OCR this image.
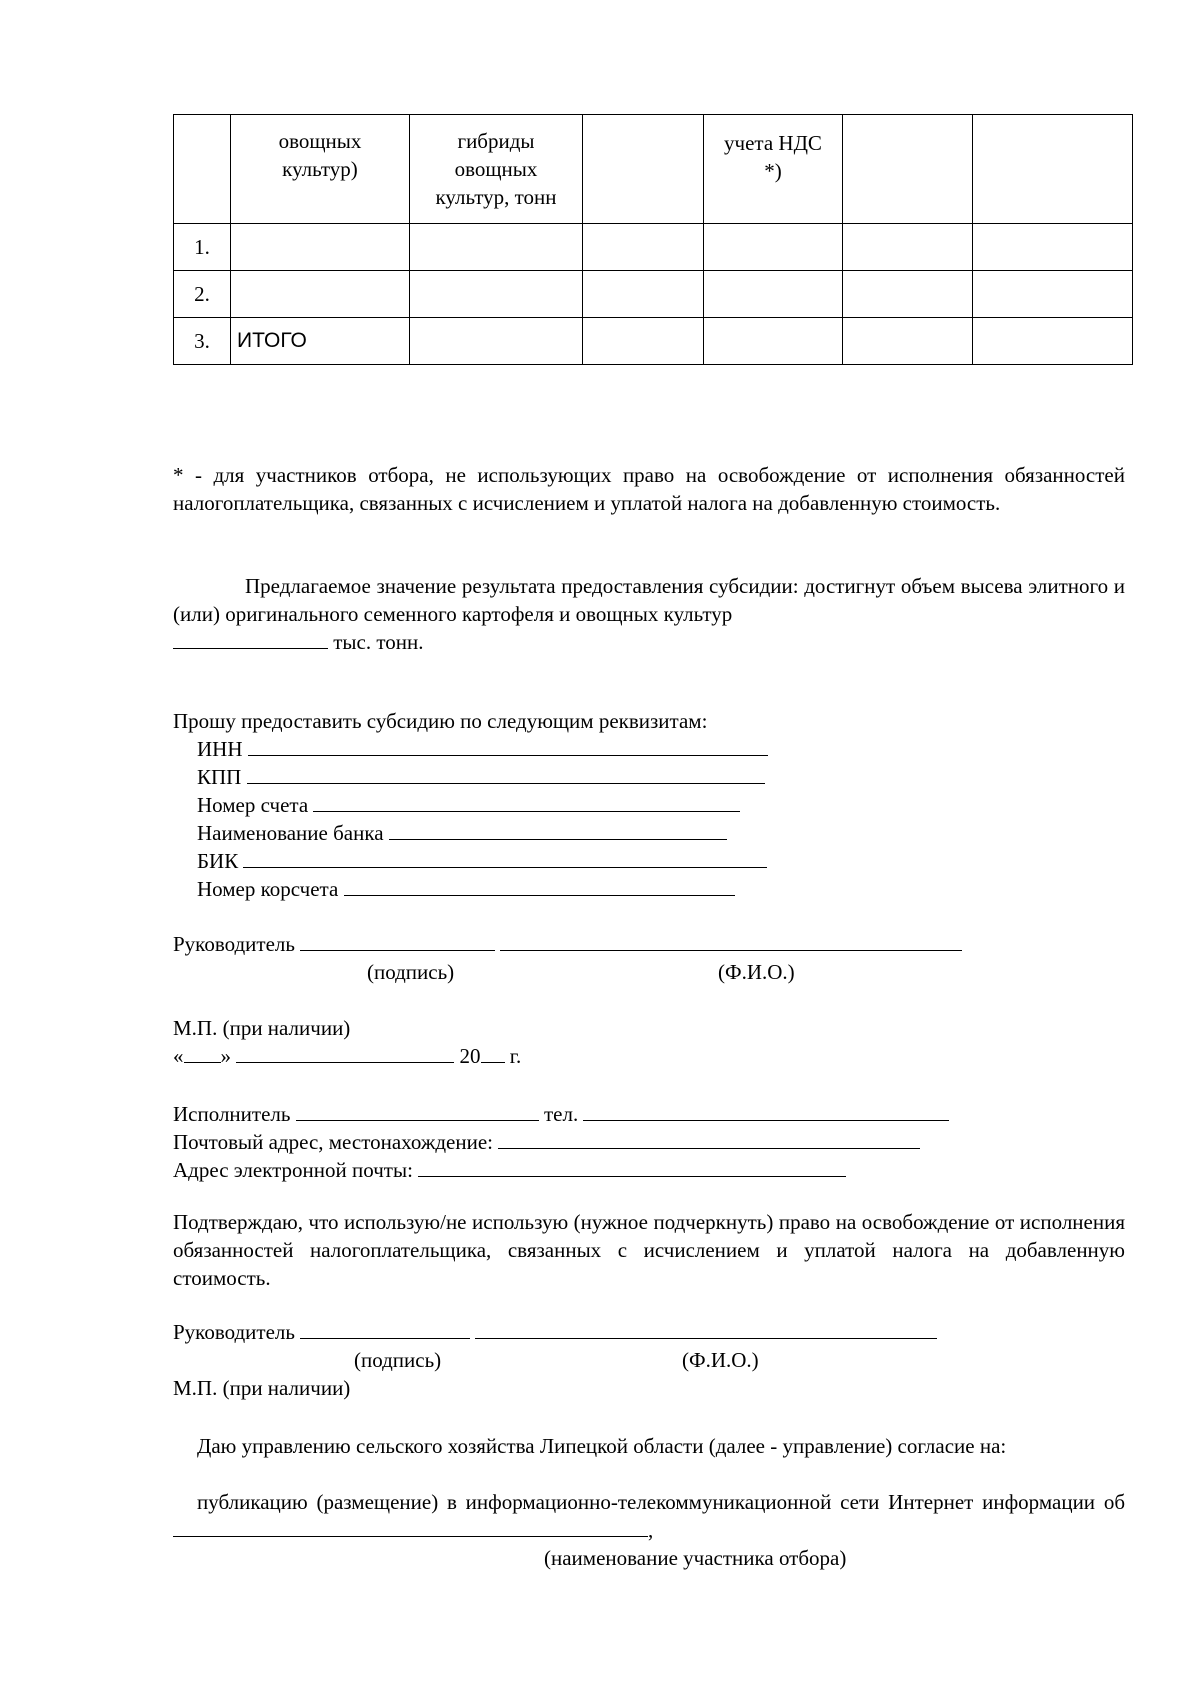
	овощных культур)	гибриды овощных культур, тонн		учета НДС *)		
1.						
2.						
3.	ИТОГО					
* - для участников отбора, не использующих право на освобождение от исполнения обязанностей налогоплательщика, связанных с исчислением и уплатой налога на добавленную стоимость.
Предлагаемое значение результата предоставления субсидии: достигнут объем высева элитного и (или) оригинального семенного картофеля и овощных культур
тыс. тонн.
Прошу предоставить субсидию по следующим реквизитам:
ИНН
КПП
Номер счета
Наименование банка
БИК
Номер корсчета
Руководитель
(подпись)	(Ф.И.О.)
М.П. (при наличии)
« »	20 г.
Исполнитель	тел.
Почтовый адрес, местонахождение:
Адрес электронной почты:
Подтверждаю, что использую/не использую (нужное подчеркнуть) право на освобождение от исполнения обязанностей налогоплательщика, связанных с исчислением и уплатой налога на добавленную стоимость.
Руководитель
(подпись)	(Ф.И.О.)
М.П. (при наличии)
Даю управлению сельского хозяйства Липецкой области (далее - управление) согласие на:
публикацию (размещение) в информационно-телекоммуникационной сети Интернет информации об ,
(наименование участника отбора)
